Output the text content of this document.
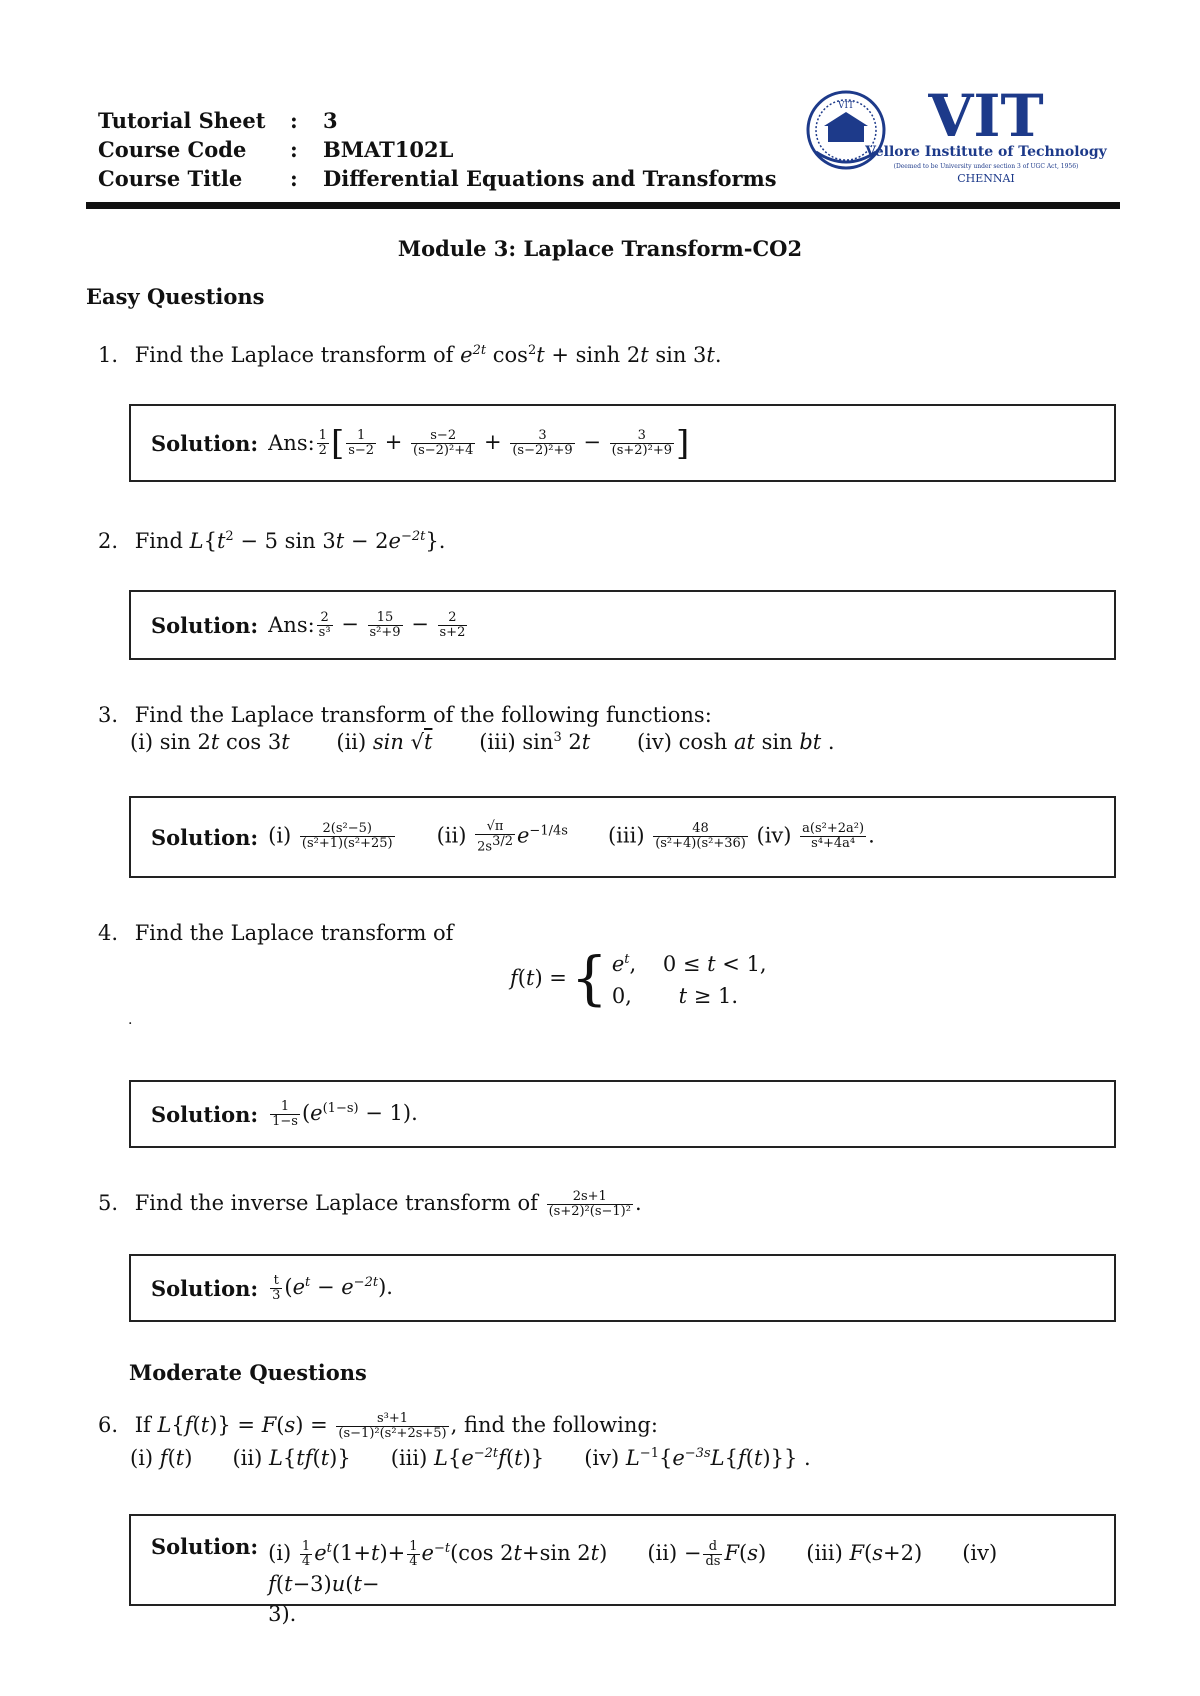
Tutorial Sheet	:	3
Course Code	:	BMAT102L
Course Title	:	Differential Equations and Transforms
VIT VIT
Vellore Institute of Technology
(Deemed to be University under section 3 of UGC Act, 1956)
CHENNAI
Module 3: Laplace Transform-CO2
Easy Questions
1. Find the Laplace transform of $e^{2t}$ $\cos^2t + \sinh 2t$ sin 3t.
Solution: Ans: $\frac{1}{2}$ [ $\frac{1}{s-2} + \frac{s-2}{\text{(s−2)²+4}} + \frac{3}{\text{(s−2)²+9}} - \frac{3}{\text{(s+2)²+9}}$ ]
2. Find $L\{t^2 - 5$ $\sin 3t - 2e^{-2t}$}.
Solution: Ans: $\frac{2}{\text{s³}} - \frac{15}{\text{s²+9}} - \frac{2}{s+2}$
3. Find the Laplace transform of the following functions:
(i) sin 2t cos 3t (ii) sin √t (iii) $\sin^3 2t$ (iv) cosh at sin bt .
Solution: $(i) \frac{\text{2(s²−5)}}{\text{(s²+1)(s²+25)}} (ii) \frac{√\pi}{2s^{3/2}} e^{-1/4s}$      $(iii) \frac{48}{\text{(s²+4)(s²+36)}} (iv) \frac{\text{a(s²+2a²)}}{\text{s⁴+4a⁴}}$ .
4. Find the Laplace transform of
f ( t ) = { $e^t$,    0 ≤ t < 1,
0,       t ≥ 1.
.
Solution: $\frac{1}{1-s} (e^{(1-s)} - 1)$.
5. Find the inverse Laplace transform of $\frac{2s+1}{\text{(s+2)²(s−1)²}}$ .
Solution: $\frac{t}{3} (e^t - e^{-2t})$.
Moderate Questions
6. If $L\{f(t)\} = F(s) = \frac{\text{s³+1}}{\text{(s−1)²(s²+2s+5)}}$ , find the following:
(i) f(t)      (ii) L{tf(t)}      (iii) $L\{e^{-2t}f(t)\}$      (iv) $L^{-1}\{e^{-3s}L\{f(t)\}\}$ .
Solution: $(i) \frac{1}{4} e^t(1+t)+ \frac{1}{4} e^{-t}(\cos$ 2t+sin 2t)      $(ii) - \frac{d}{ds} F(s)$      (iii) F(s+2)      (iv) f(t−3)u(t−
3).
